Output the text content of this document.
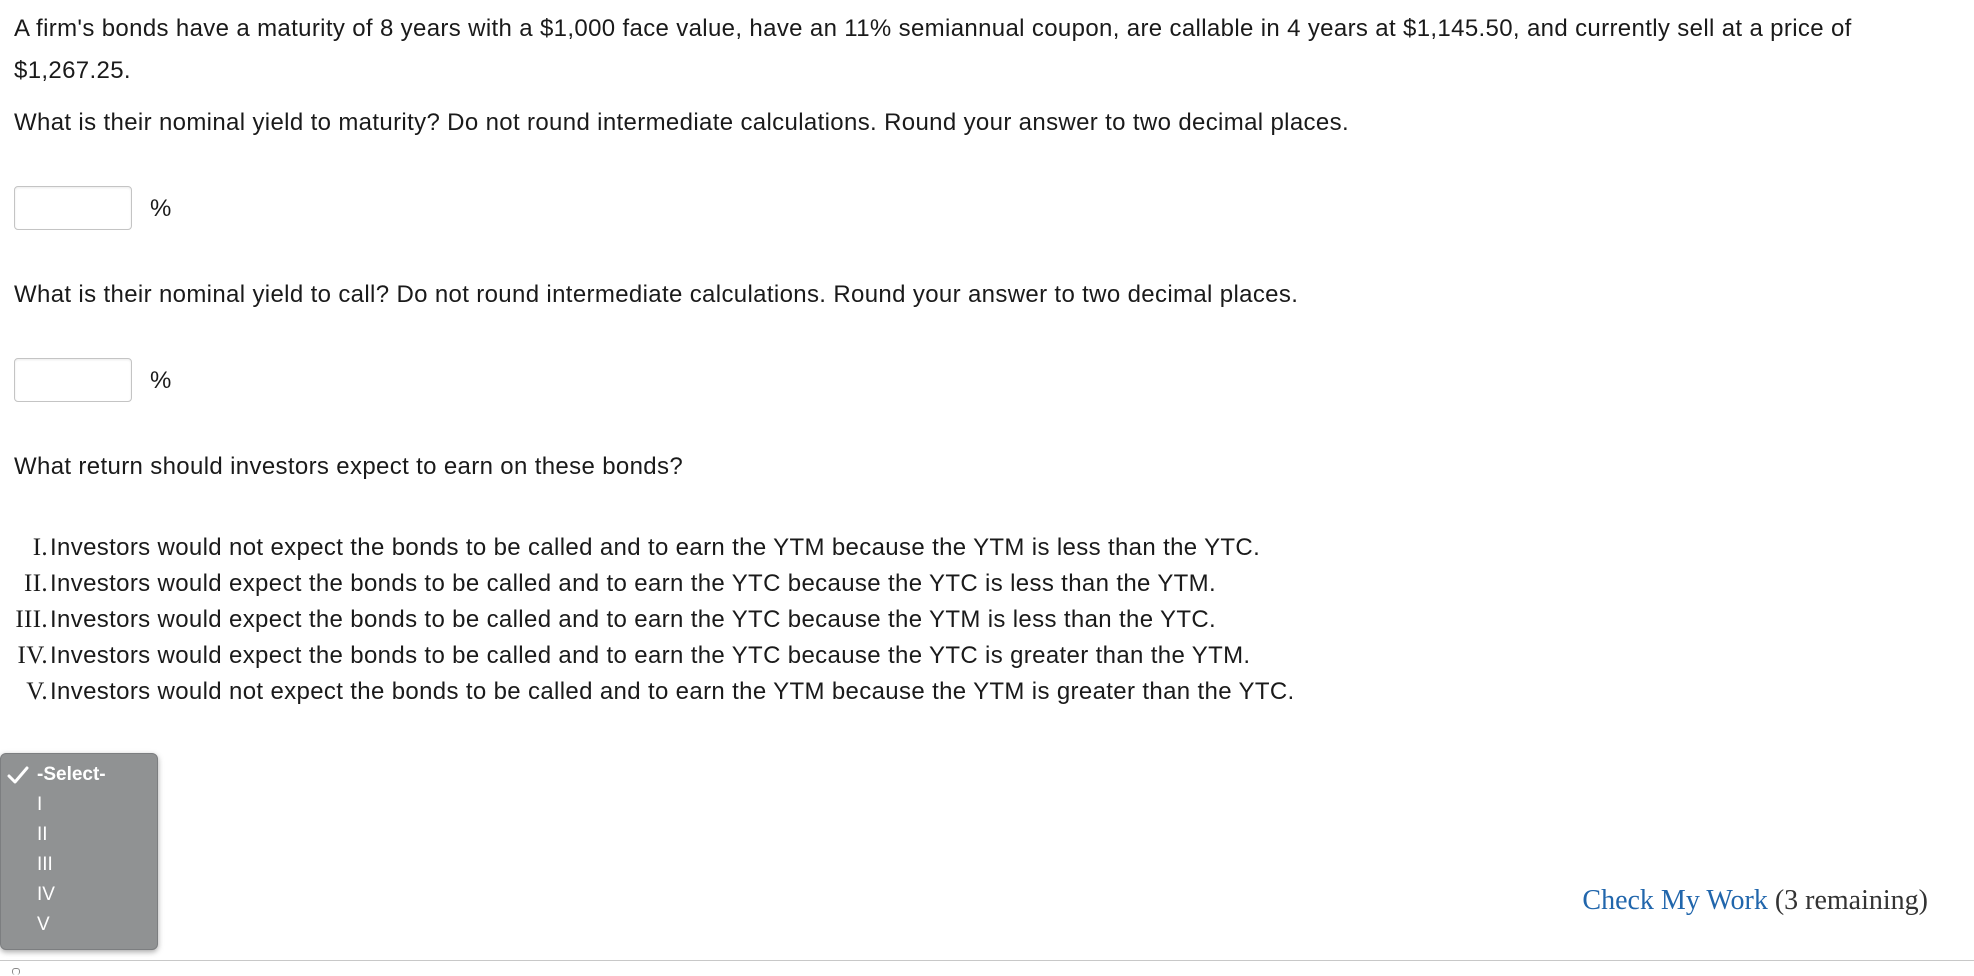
A firm's bonds have a maturity of 8 years with a $1,000 face value, have an 11% semiannual coupon, are callable in 4 years at $1,145.50, and currently sell at a price of $1,267.25.

What is their nominal yield to maturity? Do not round intermediate calculations. Round your answer to two decimal places.

%

What is their nominal yield to call? Do not round intermediate calculations. Round your answer to two decimal places.

%

What return should investors expect to earn on these bonds?

I. Investors would not expect the bonds to be called and to earn the YTM because the YTM is less than the YTC.
II. Investors would expect the bonds to be called and to earn the YTC because the YTC is less than the YTM.
III. Investors would expect the bonds to be called and to earn the YTC because the YTM is less than the YTC.
IV. Investors would expect the bonds to be called and to earn the YTC because the YTC is greater than the YTM.
V. Investors would not expect the bonds to be called and to earn the YTM because the YTM is greater than the YTC.
-Select-
I
II
III
IV
V
Check My Work (3 remaining)
